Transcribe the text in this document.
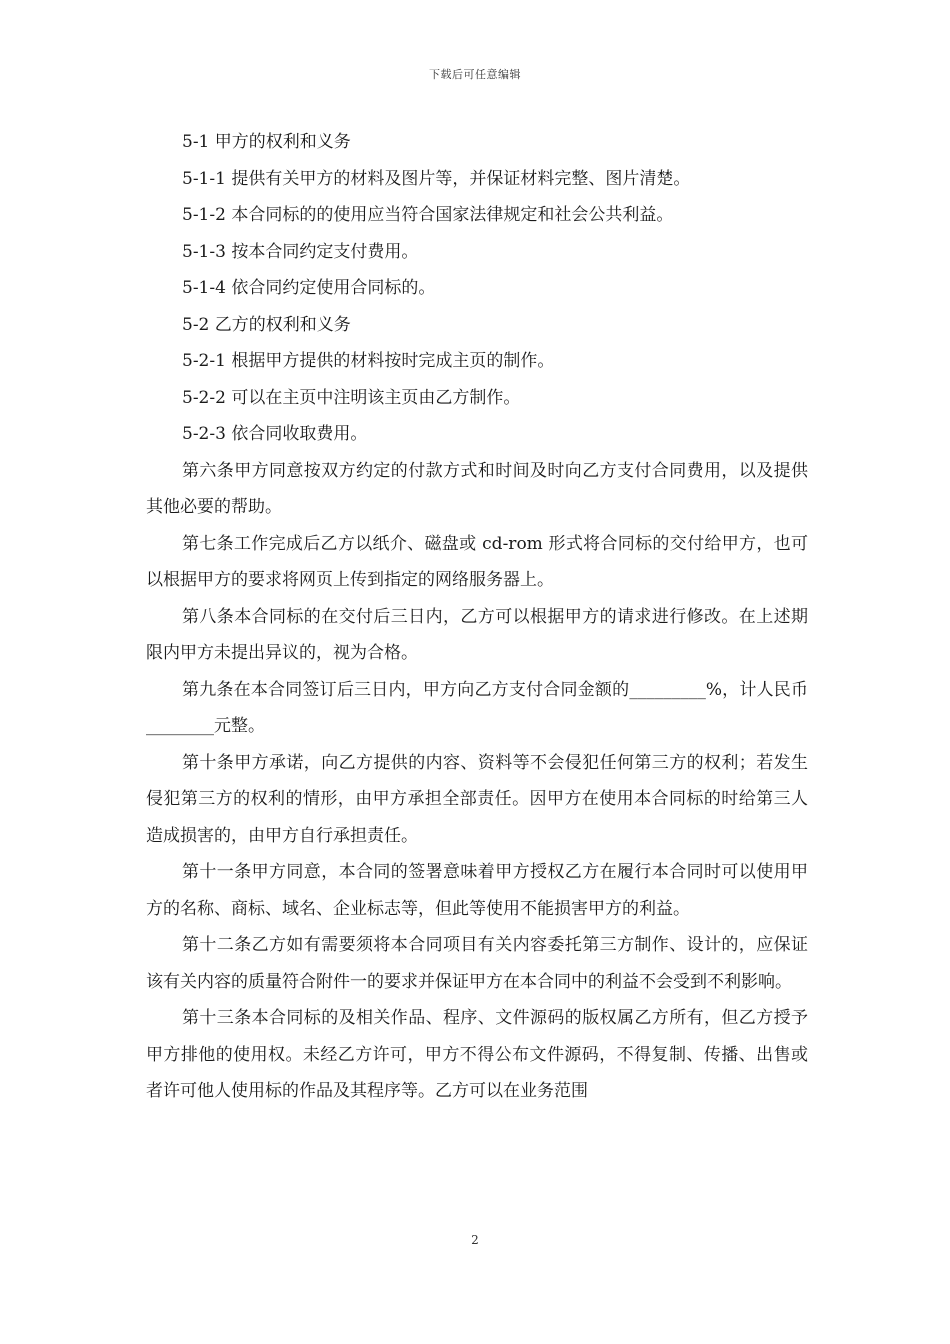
下载后可任意编辑

5-1 甲方的权利和义务

5-1-1 提供有关甲方的材料及图片等，并保证材料完整、图片清楚。

5-1-2 本合同标的的使用应当符合国家法律规定和社会公共利益。

5-1-3 按本合同约定支付费用。

5-1-4 依合同约定使用合同标的。

5-2 乙方的权利和义务

5-2-1 根据甲方提供的材料按时完成主页的制作。

5-2-2 可以在主页中注明该主页由乙方制作。

5-2-3 依合同收取费用。

第六条甲方同意按双方约定的付款方式和时间及时向乙方支付合同费用，以及提供其他必要的帮助。

第七条工作完成后乙方以纸介、磁盘或 cd-rom 形式将合同标的交付给甲方，也可以根据甲方的要求将网页上传到指定的网络服务器上。

第八条本合同标的在交付后三日内，乙方可以根据甲方的请求进行修改。在上述期限内甲方未提出异议的，视为合格。

第九条在本合同签订后三日内，甲方向乙方支付合同金额的_________%，计人民币________元整。

第十条甲方承诺，向乙方提供的内容、资料等不会侵犯任何第三方的权利；若发生侵犯第三方的权利的情形，由甲方承担全部责任。因甲方在使用本合同标的时给第三人造成损害的，由甲方自行承担责任。

第十一条甲方同意，本合同的签署意味着甲方授权乙方在履行本合同时可以使用甲方的名称、商标、域名、企业标志等，但此等使用不能损害甲方的利益。

第十二条乙方如有需要须将本合同项目有关内容委托第三方制作、设计的，应保证该有关内容的质量符合附件一的要求并保证甲方在本合同中的利益不会受到不利影响。

第十三条本合同标的及相关作品、程序、文件源码的版权属乙方所有，但乙方授予甲方排他的使用权。未经乙方许可，甲方不得公布文件源码，不得复制、传播、出售或者许可他人使用标的作品及其程序等。乙方可以在业务范围

2
